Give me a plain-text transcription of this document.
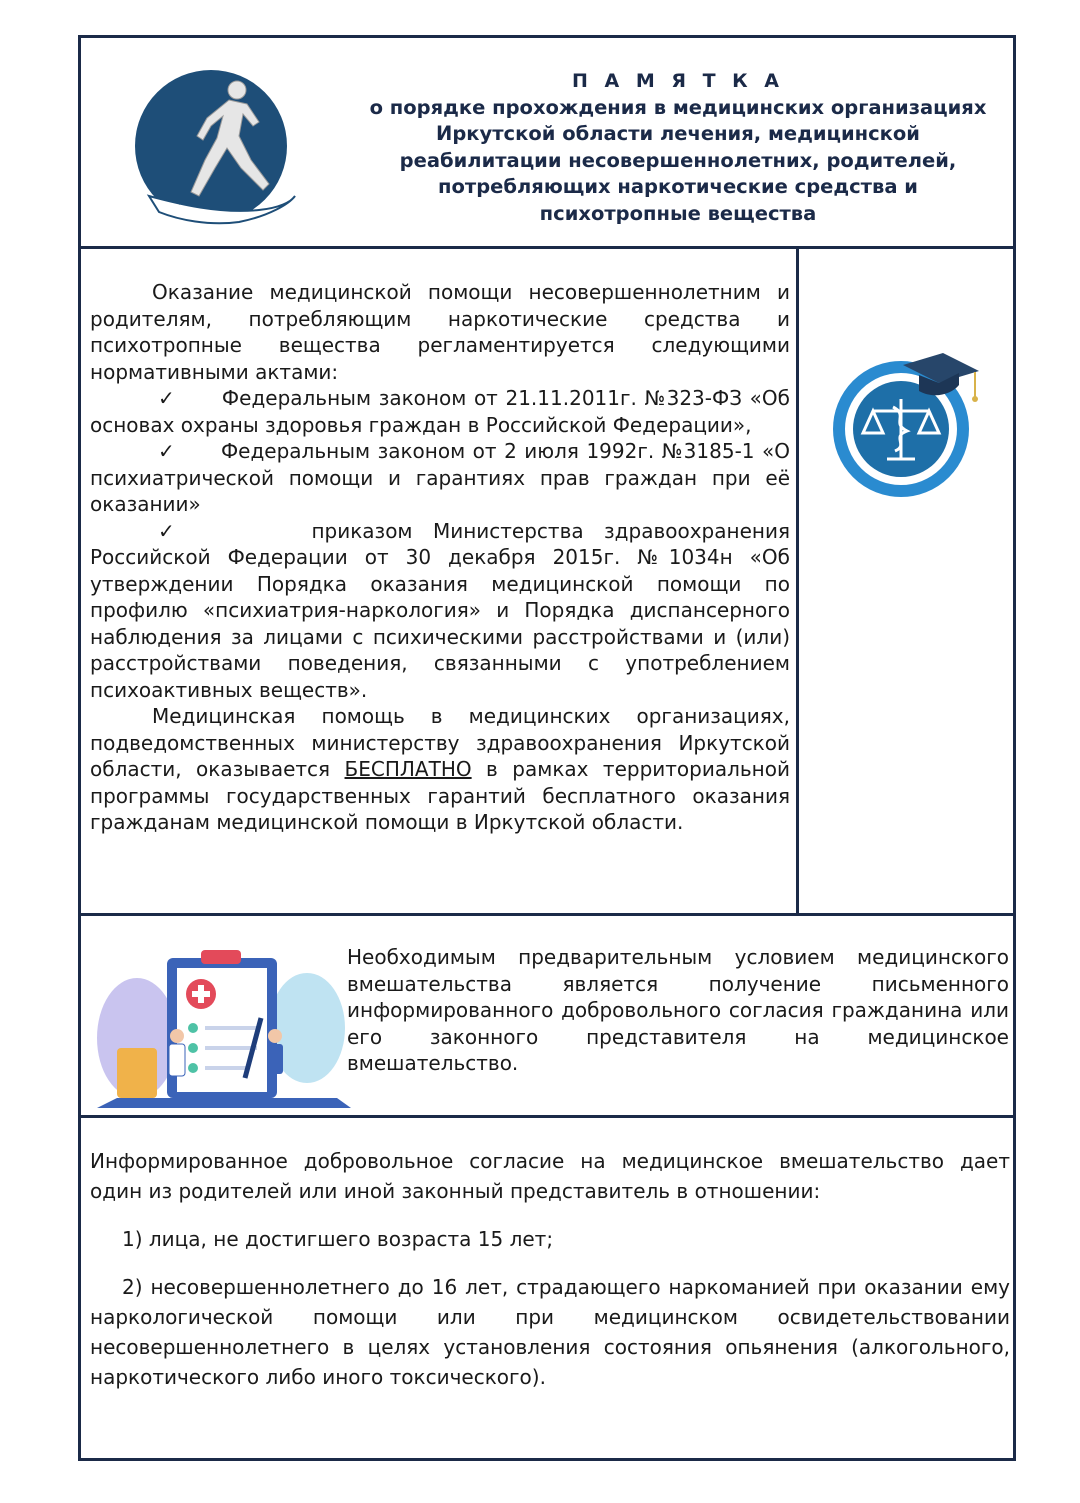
П А М Я Т К А
о порядке прохождения в медицинских организациях
Иркутской области лечения, медицинской
реабилитации несовершеннолетних, родителей,
потребляющих наркотические средства и
психотропные вещества

Оказание медицинской помощи несовершеннолетним и родителям, потребляющим наркотические средства и психотропные вещества регламентируется следующими нормативными актами:

✓ Федеральным законом от 21.11.2011г. №323-ФЗ «Об основах охраны здоровья граждан в Российской Федерации»,

✓ Федеральным законом от 2 июля 1992г. №3185-1 «О психиатрической помощи и гарантиях прав граждан при её оказании»

✓	приказом Министерства здравоохранения Российской Федерации от 30 декабря 2015г. №1034н «Об утверждении Порядка оказания медицинской помощи по профилю «психиатрия-наркология» и Порядка диспансерного наблюдения за лицами с психическими расстройствами и (или) расстройствами поведения, связанными с употреблением психоактивных веществ».

Медицинская помощь в медицинских организациях, подведомственных министерству здравоохранения Иркутской области, оказывается БЕСПЛАТНО в рамках территориальной программы государственных гарантий бесплатного оказания гражданам медицинской помощи в Иркутской области.

Необходимым предварительным условием медицинского вмешательства является получение письменного информированного добровольного согласия гражданина или его законного представителя на медицинское вмешательство.

Информированное добровольное согласие на медицинское вмешательство дает один из родителей или иной законный представитель в отношении:

1) лица, не достигшего возраста 15 лет;

2) несовершеннолетнего до 16 лет, страдающего наркоманией при оказании ему наркологической помощи или при медицинском освидетельствовании несовершеннолетнего в целях установления состояния опьянения (алкогольного, наркотического либо иного токсического).
